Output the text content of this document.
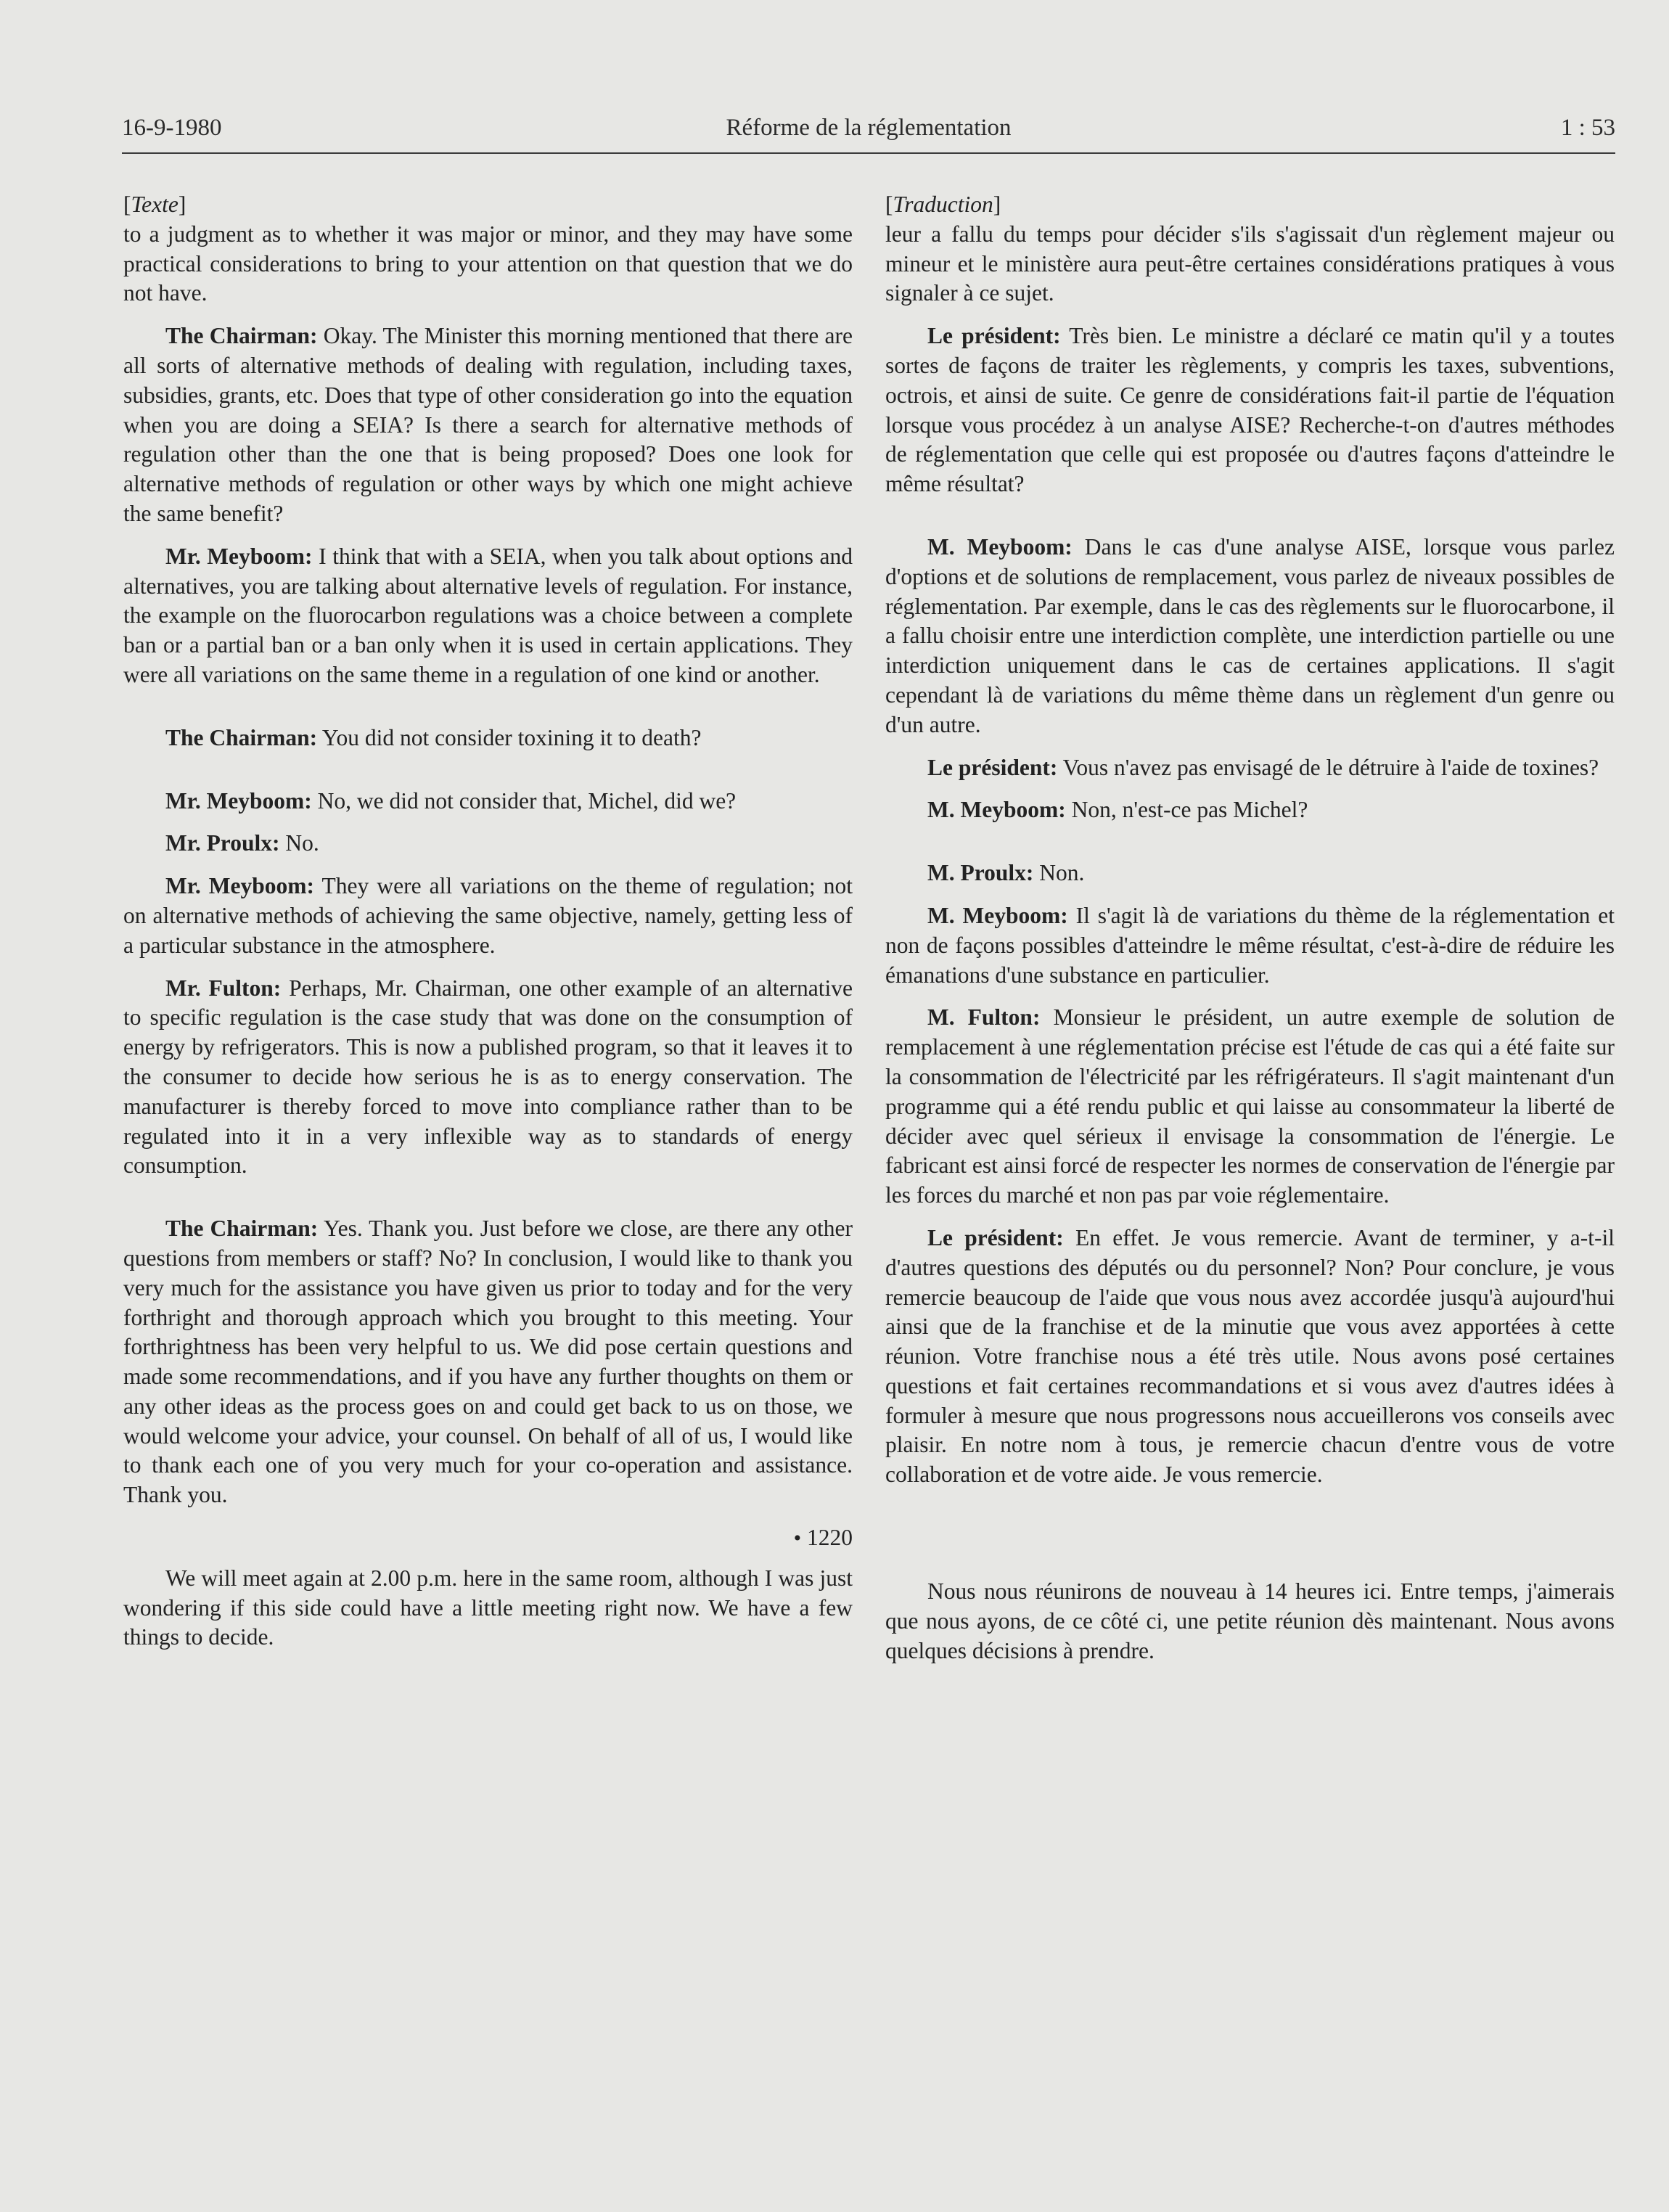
16-9-1980	Réforme de la réglementation	1 : 53
[Texte]

to a judgment as to whether it was major or minor, and they may have some practical considerations to bring to your attention on that question that we do not have.

The Chairman: Okay. The Minister this morning mentioned that there are all sorts of alternative methods of dealing with regulation, including taxes, subsidies, grants, etc. Does that type of other consideration go into the equation when you are doing a SEIA? Is there a search for alternative methods of regulation other than the one that is being proposed? Does one look for alternative methods of regulation or other ways by which one might achieve the same benefit?

Mr. Meyboom: I think that with a SEIA, when you talk about options and alternatives, you are talking about alternative levels of regulation. For instance, the example on the fluorocarbon regulations was a choice between a complete ban or a partial ban or a ban only when it is used in certain applications. They were all variations on the same theme in a regulation of one kind or another.

The Chairman: You did not consider toxining it to death?

Mr. Meyboom: No, we did not consider that, Michel, did we?

Mr. Proulx: No.

Mr. Meyboom: They were all variations on the theme of regulation; not on alternative methods of achieving the same objective, namely, getting less of a particular substance in the atmosphere.

Mr. Fulton: Perhaps, Mr. Chairman, one other example of an alternative to specific regulation is the case study that was done on the consumption of energy by refrigerators. This is now a published program, so that it leaves it to the consumer to decide how serious he is as to energy conservation. The manufacturer is thereby forced to move into compliance rather than to be regulated into it in a very inflexible way as to standards of energy consumption.

The Chairman: Yes. Thank you. Just before we close, are there any other questions from members or staff? No? In conclusion, I would like to thank you very much for the assistance you have given us prior to today and for the very forthright and thorough approach which you brought to this meeting. Your forthrightness has been very helpful to us. We did pose certain questions and made some recommendations, and if you have any further thoughts on them or any other ideas as the process goes on and could get back to us on those, we would welcome your advice, your counsel. On behalf of all of us, I would like to thank each one of you very much for your co-operation and assistance. Thank you.

• 1220

We will meet again at 2.00 p.m. here in the same room, although I was just wondering if this side could have a little meeting right now. We have a few things to decide.

[Traduction]

leur a fallu du temps pour décider s'ils s'agissait d'un règlement majeur ou mineur et le ministère aura peut-être certaines considérations pratiques à vous signaler à ce sujet.

Le président: Très bien. Le ministre a déclaré ce matin qu'il y a toutes sortes de façons de traiter les règlements, y compris les taxes, subventions, octrois, et ainsi de suite. Ce genre de considérations fait-il partie de l'équation lorsque vous procédez à un analyse AISE? Recherche-t-on d'autres méthodes de réglementation que celle qui est proposée ou d'autres façons d'atteindre le même résultat?

M. Meyboom: Dans le cas d'une analyse AISE, lorsque vous parlez d'options et de solutions de remplacement, vous parlez de niveaux possibles de réglementation. Par exemple, dans le cas des règlements sur le fluorocarbone, il a fallu choisir entre une interdiction complète, une interdiction partielle ou une interdiction uniquement dans le cas de certaines applications. Il s'agit cependant là de variations du même thème dans un règlement d'un genre ou d'un autre.

Le président: Vous n'avez pas envisagé de le détruire à l'aide de toxines?

M. Meyboom: Non, n'est-ce pas Michel?

M. Proulx: Non.

M. Meyboom: Il s'agit là de variations du thème de la réglementation et non de façons possibles d'atteindre le même résultat, c'est-à-dire de réduire les émanations d'une substance en particulier.

M. Fulton: Monsieur le président, un autre exemple de solution de remplacement à une réglementation précise est l'étude de cas qui a été faite sur la consommation de l'électricité par les réfrigérateurs. Il s'agit maintenant d'un programme qui a été rendu public et qui laisse au consommateur la liberté de décider avec quel sérieux il envisage la consommation de l'énergie. Le fabricant est ainsi forcé de respecter les normes de conservation de l'énergie par les forces du marché et non pas par voie réglementaire.

Le président: En effet. Je vous remercie. Avant de terminer, y a-t-il d'autres questions des députés ou du personnel? Non? Pour conclure, je vous remercie beaucoup de l'aide que vous nous avez accordée jusqu'à aujourd'hui ainsi que de la franchise et de la minutie que vous avez apportées à cette réunion. Votre franchise nous a été très utile. Nous avons posé certaines questions et fait certaines recommandations et si vous avez d'autres idées à formuler à mesure que nous progressons nous accueillerons vos conseils avec plaisir. En notre nom à tous, je remercie chacun d'entre vous de votre collaboration et de votre aide. Je vous remercie.

Nous nous réunirons de nouveau à 14 heures ici. Entre temps, j'aimerais que nous ayons, de ce côté ci, une petite réunion dès maintenant. Nous avons quelques décisions à prendre.
